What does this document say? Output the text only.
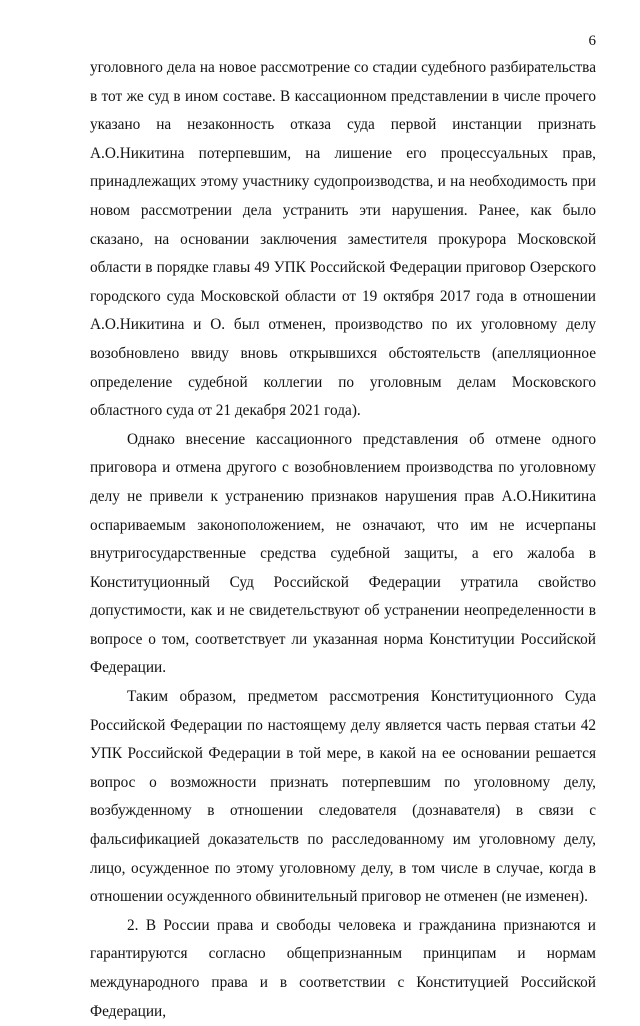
6

уголовного дела на новое рассмотрение со стадии судебного разбирательства в тот же суд в ином составе. В кассационном представлении в числе прочего указано на незаконность отказа суда первой инстанции признать А.О.Никитина потерпевшим, на лишение его процессуальных прав, принадлежащих этому участнику судопроизводства, и на необходимость при новом рассмотрении дела устранить эти нарушения. Ранее, как было сказано, на основании заключения заместителя прокурора Московской области в порядке главы 49 УПК Российской Федерации приговор Озерского городского суда Московской области от 19 октября 2017 года в отношении А.О.Никитина и О. был отменен, производство по их уголовному делу возобновлено ввиду вновь открывшихся обстоятельств (апелляционное определение судебной коллегии по уголовным делам Московского областного суда от 21 декабря 2021 года).

Однако внесение кассационного представления об отмене одного приговора и отмена другого с возобновлением производства по уголовному делу не привели к устранению признаков нарушения прав А.О.Никитина оспариваемым законоположением, не означают, что им не исчерпаны внутригосударственные средства судебной защиты, а его жалоба в Конституционный Суд Российской Федерации утратила свойство допустимости, как и не свидетельствуют об устранении неопределенности в вопросе о том, соответствует ли указанная норма Конституции Российской Федерации.

Таким образом, предметом рассмотрения Конституционного Суда Российской Федерации по настоящему делу является часть первая статьи 42 УПК Российской Федерации в той мере, в какой на ее основании решается вопрос о возможности признать потерпевшим по уголовному делу, возбужденному в отношении следователя (дознавателя) в связи с фальсификацией доказательств по расследованному им уголовному делу, лицо, осужденное по этому уголовному делу, в том числе в случае, когда в отношении осужденного обвинительный приговор не отменен (не изменен).

2. В России права и свободы человека и гражданина признаются и гарантируются согласно общепризнанным принципам и нормам международного права и в соответствии с Конституцией Российской Федерации,
